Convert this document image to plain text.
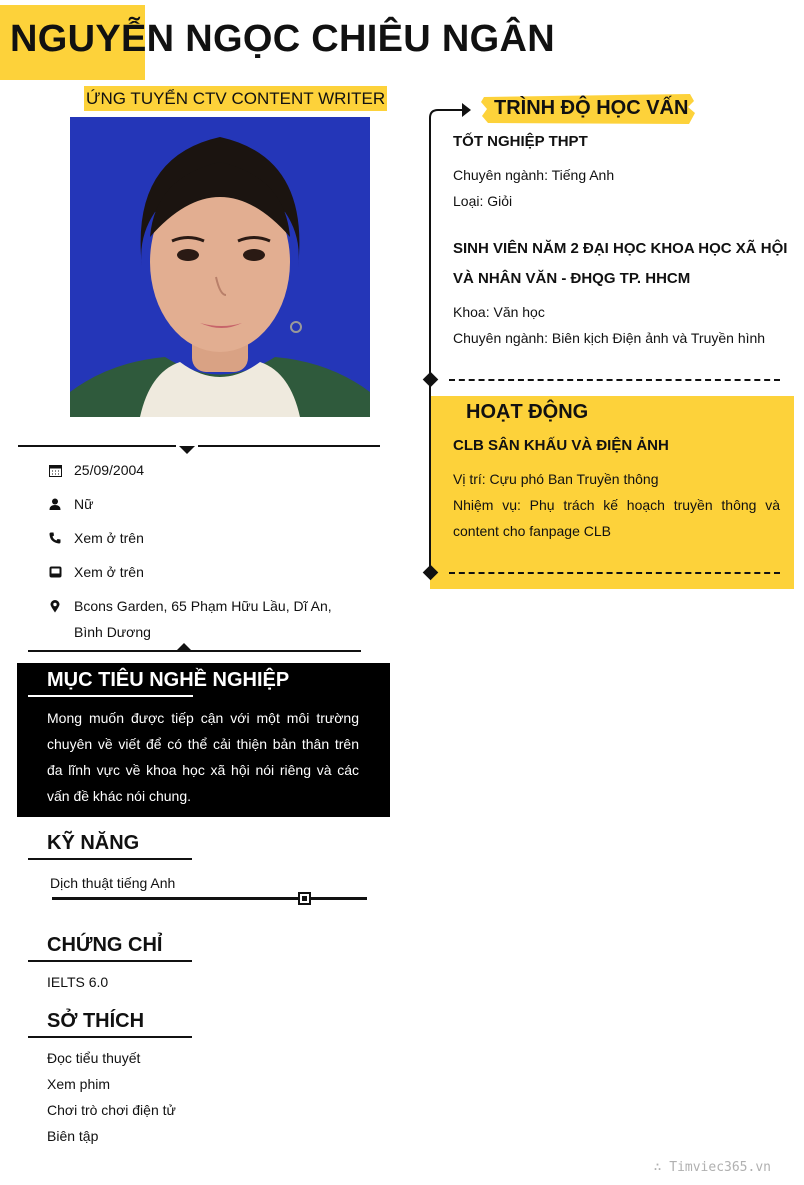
NGUYỄN NGỌC CHIÊU NGÂN
ỨNG TUYỂN CTV CONTENT WRITER
25/09/2004
Nữ
Xem ở trên
Xem ở trên
Bcons Garden, 65 Phạm Hữu Lầu, Dĩ An,
Bình Dương
MỤC TIÊU NGHỀ NGHIỆP
Mong muốn được tiếp cận với một môi trường chuyên về viết để có thể cải thiện bản thân trên đa lĩnh vực về khoa học xã hội nói riêng và các vấn đề khác nói chung.
KỸ NĂNG
Dịch thuật tiếng Anh
CHỨNG CHỈ
IELTS 6.0
SỞ THÍCH
Đọc tiểu thuyết
Xem phim
Chơi trò chơi điện tử
Biên tập
TRÌNH ĐỘ HỌC VẤN
TỐT NGHIỆP THPT
Chuyên ngành: Tiếng Anh
Loại: Giỏi
SINH VIÊN NĂM 2 ĐẠI HỌC KHOA HỌC XÃ HỘI
VÀ NHÂN VĂN - ĐHQG TP. HHCM
Khoa: Văn học
Chuyên ngành: Biên kịch Điện ảnh và Truyền hình
HOẠT ĐỘNG
CLB SÂN KHẤU VÀ ĐIỆN ẢNH
Vị trí: Cựu phó Ban Truyền thông
Nhiệm vụ: Phụ trách kế hoạch truyền thông và content cho fanpage CLB
∴ Timviec365.vn
